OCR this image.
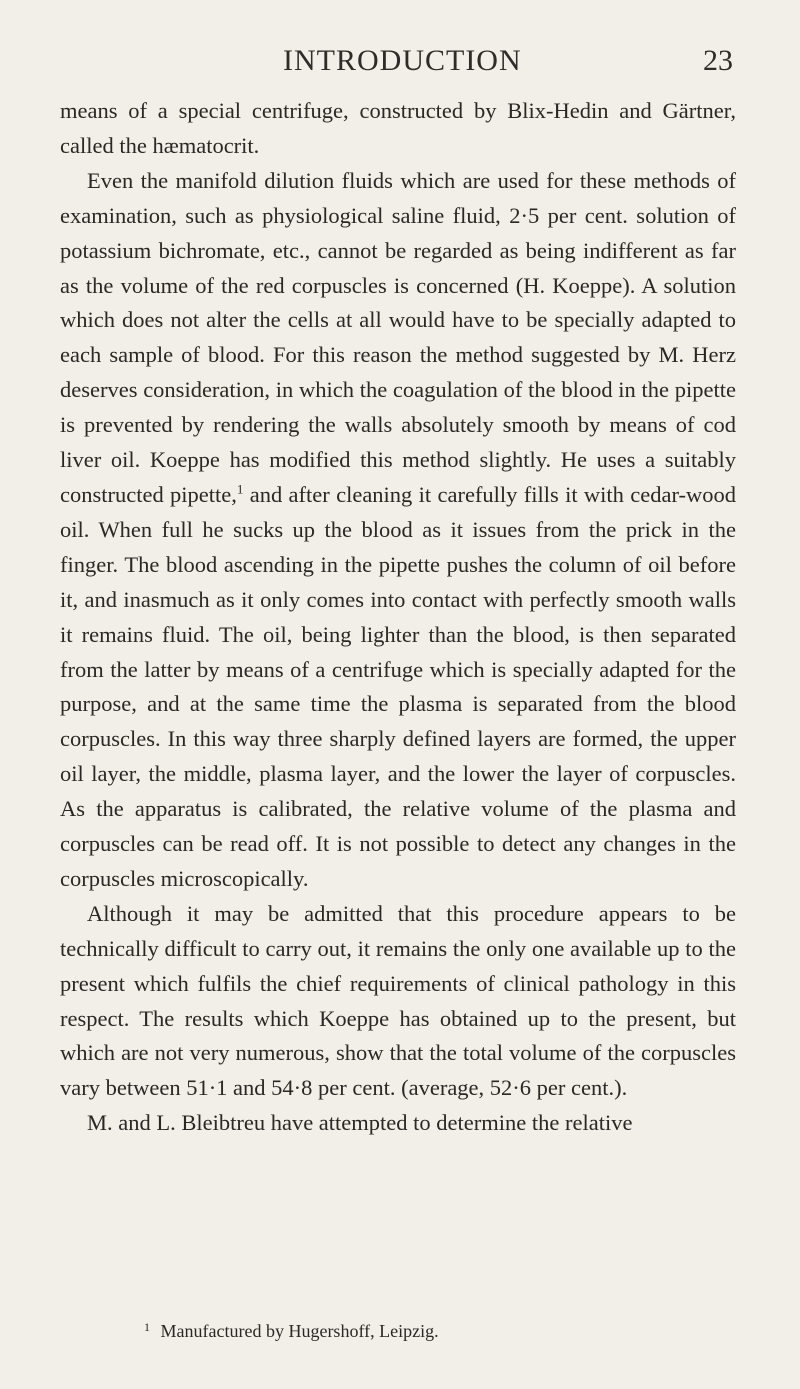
INTRODUCTION	23

means of a special centrifuge, constructed by Blix-Hedin and Gärtner, called the hæmatocrit.

Even the manifold dilution fluids which are used for these methods of examination, such as physiological saline fluid, 2·5 per cent. solution of potassium bichromate, etc., cannot be regarded as being indifferent as far as the volume of the red corpuscles is concerned (H. Koeppe). A solution which does not alter the cells at all would have to be specially adapted to each sample of blood. For this reason the method suggested by M. Herz deserves consideration, in which the coagulation of the blood in the pipette is prevented by rendering the walls absolutely smooth by means of cod liver oil. Koeppe has modified this method slightly. He uses a suitably constructed pipette,$^1$ and after cleaning it carefully fills it with cedar-wood oil. When full he sucks up the blood as it issues from the prick in the finger. The blood ascending in the pipette pushes the column of oil before it, and inasmuch as it only comes into contact with perfectly smooth walls it remains fluid. The oil, being lighter than the blood, is then separated from the latter by means of a centrifuge which is specially adapted for the purpose, and at the same time the plasma is separated from the blood corpuscles. In this way three sharply defined layers are formed, the upper oil layer, the middle, plasma layer, and the lower the layer of corpuscles. As the apparatus is calibrated, the relative volume of the plasma and corpuscles can be read off. It is not possible to detect any changes in the corpuscles microscopically.

Although it may be admitted that this procedure appears to be technically difficult to carry out, it remains the only one available up to the present which fulfils the chief requirements of clinical pathology in this respect. The results which Koeppe has obtained up to the present, but which are not very numerous, show that the total volume of the corpuscles vary between 51·1 and 54·8 per cent. (average, 52·6 per cent.).

M. and L. Bleibtreu have attempted to determine the relative

$^1$ Manufactured by Hugershoff, Leipzig.
